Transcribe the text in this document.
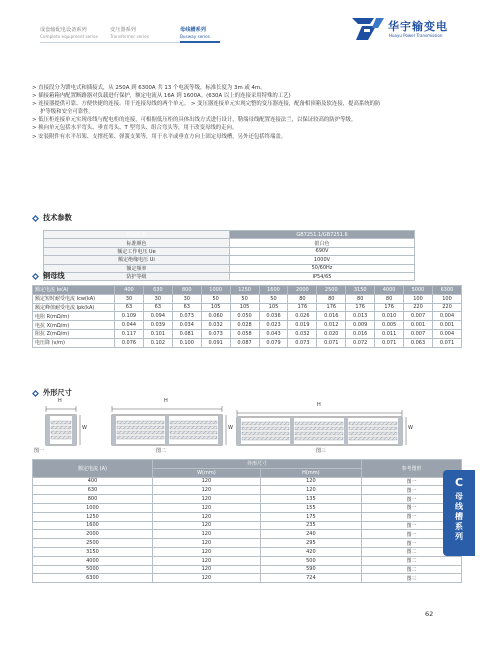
成套输配电设备系列
Complete equipment series
变压器系列
Transformer series
母线槽系列
Busway series
华宇输变电
Huayu Power Transmission
> 直接段分为馈电式和插接式，从 250A 到 6300A 共 13 个电流等级，标准长度为 3m 或 4m。
> 插接箱箱内配置断路器对负载进行保护，额定电流从 16A 到 1600A。(630A 以上的连接采用特殊的工艺)
> 连接器提供可靠、方便快捷的连接，用于连接母线的两个单元。 > 变压器连接单元实现完整的变压器连接，配备相顶箱及软连接，提高系统的防
护等级和安全可靠性。
> 低压柜连接单元实现母线与配电柜的连接，可根据低压柜的具体出线方式进行设计，勒端母线配置连接法兰，以保证较高的防护等级。
> 换向单元包括水平弯头、垂直弯头、T 型弯头、组合弯头等，用于改变母线的走向。
> 安装附件有水平吊架、支撑托架、弹簧支架等，用于水平或垂直方向上固定母线槽，另外还包括终端盖。
技术参数
符合标准	GB7251.1/GB7251.6
标准颜色	银白色
额定工作电压 Ue	690V
额定绝缘电压 Ui	1000V
额定频率	50/60Hz
防护等级	IP54/65
铜母线
额定电流 Ie(A)	400	630	800	1000	1250	1600	2000	2500	3150	4000	5000	6300
额定短时耐受电流 Icw(kA)	30	30	30	50	50	50	80	80	80	80	100	100
额定峰值耐受电流 Ipk(kA)	63	63	63	105	105	105	176	176	176	176	220	220
电阻 R(mΩ/m)	0.109	0.094	0.073	0.060	0.050	0.036	0.026	0.016	0.013	0.010	0.007	0.004
电抗 X(mΩ/m)	0.044	0.039	0.034	0.032	0.028	0.023	0.019	0.012	0.009	0.005	0.001	0.001
阻抗 Z(mΩ/m)	0.117	0.101	0.081	0.073	0.058	0.043	0.032	0.020	0.016	0.011	0.007	0.004
电压降 (v/m)	0.076	0.102	0.100	0.091	0.087	0.079	0.073	0.071	0.072	0.071	0.063	0.071
外形尺寸
H	H
H
W	W	W
图一	图二	图三
额定电流 (A)	外形尺寸		参考图形
	W(mm)	H(mm)	
400	120	120	图一
630	120	120	图一
800	120	135	图一
1000	120	155	图一
1250	120	175	图一
1600	120	235	图一
2000	120	240	图一
2500	120	295	图一
3150	120	420	图二
4000	120	500	图二
5000	120	590	图二
6300	120	724	图三
C
母
线
槽
系
列
62
